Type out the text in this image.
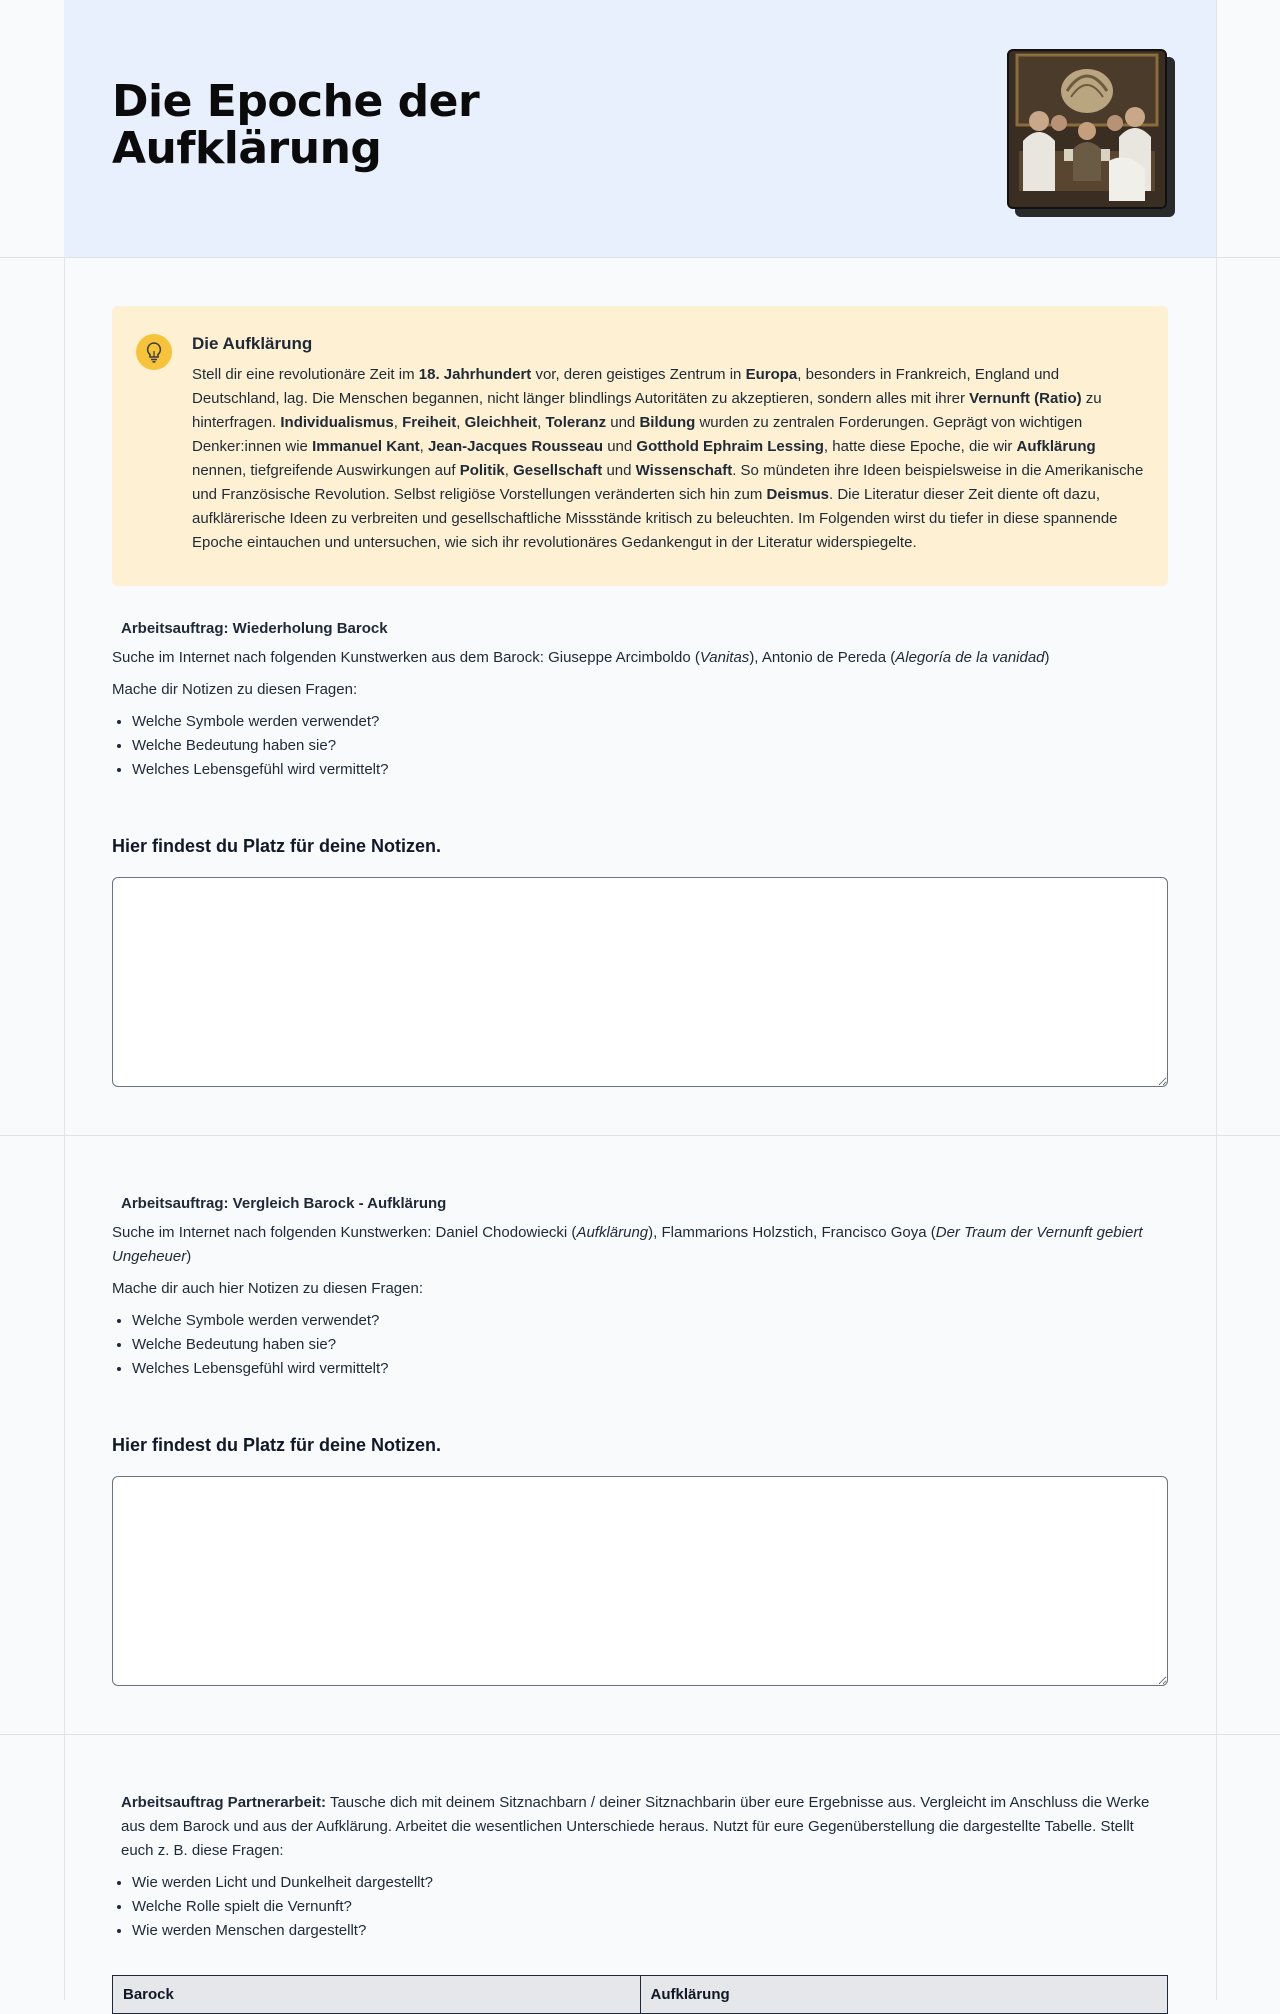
Die Epoche der
Aufklärung
Die Aufklärung

Stell dir eine revolutionäre Zeit im 18. Jahrhundert vor, deren geistiges Zentrum in Europa, besonders in Frankreich, England und Deutschland, lag. Die Menschen begannen, nicht länger blindlings Autoritäten zu akzeptieren, sondern alles mit ihrer Vernunft (Ratio) zu hinterfragen. Individualismus, Freiheit, Gleichheit, Toleranz und Bildung wurden zu zentralen Forderungen. Geprägt von wichtigen Denker:innen wie Immanuel Kant, Jean-Jacques Rousseau und Gotthold Ephraim Lessing, hatte diese Epoche, die wir Aufklärung nennen, tiefgreifende Auswirkungen auf Politik, Gesellschaft und Wissenschaft. So mündeten ihre Ideen beispielsweise in die Amerikanische und Französische Revolution. Selbst religiöse Vorstellungen veränderten sich hin zum Deismus. Die Literatur dieser Zeit diente oft dazu, aufklärerische Ideen zu verbreiten und gesellschaftliche Missstände kritisch zu beleuchten. Im Folgenden wirst du tiefer in diese spannende Epoche eintauchen und untersuchen, wie sich ihr revolutionäres Gedankengut in der Literatur widerspiegelte.

Arbeitsauftrag: Wiederholung Barock

Suche im Internet nach folgenden Kunstwerken aus dem Barock: Giuseppe Arcimboldo (Vanitas), Antonio de Pereda (Alegoría de la vanidad)

Mache dir Notizen zu diesen Fragen:

• Welche Symbole werden verwendet?
• Welche Bedeutung haben sie?
• Welches Lebensgefühl wird vermittelt?

Hier findest du Platz für deine Notizen.

Arbeitsauftrag: Vergleich Barock - Aufklärung

Suche im Internet nach folgenden Kunstwerken: Daniel Chodowiecki (Aufklärung), Flammarions Holzstich, Francisco Goya (Der Traum der Vernunft gebiert Ungeheuer)

Mache dir auch hier Notizen zu diesen Fragen:

• Welche Symbole werden verwendet?
• Welche Bedeutung haben sie?
• Welches Lebensgefühl wird vermittelt?

Hier findest du Platz für deine Notizen.

Arbeitsauftrag Partnerarbeit: Tausche dich mit deinem Sitznachbarn / deiner Sitznachbarin über eure Ergebnisse aus. Vergleicht im Anschluss die Werke aus dem Barock und aus der Aufklärung. Arbeitet die wesentlichen Unterschiede heraus. Nutzt für eure Gegenüberstellung die dargestellte Tabelle. Stellt euch z. B. diese Fragen:

• Wie werden Licht und Dunkelheit dargestellt?
• Welche Rolle spielt die Vernunft?
• Wie werden Menschen dargestellt?
Barock	Aufklärung
